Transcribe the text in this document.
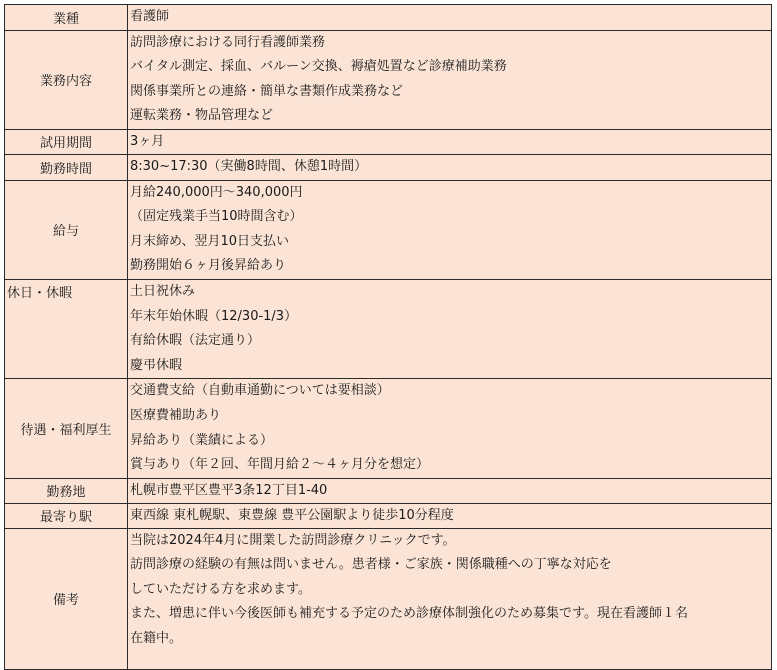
業種	看護師

業務内容	訪問診療における同行看護師業務
バイタル測定、採血、バルーン交換、褥瘡処置など診療補助業務
関係事業所との連絡・簡単な書類作成業務など
運転業務・物品管理など

試用期間	3ヶ月

勤務時間	8:30~17:30（実働8時間、休憩1時間）

給与	月給240,000円～340,000円
（固定残業手当10時間含む）
月末締め、翌月10日支払い
勤務開始６ヶ月後昇給あり

休日・休暇	土日祝休み
年末年始休暇（12/30-1/3）
有給休暇（法定通り）
慶弔休暇

待遇・福利厚生	交通費支給（自動車通勤については要相談）
医療費補助あり
昇給あり（業績による）
賞与あり（年２回、年間月給２～４ヶ月分を想定）

勤務地	札幌市豊平区豊平3条12丁目1-40

最寄り駅	東西線 東札幌駅、東豊線 豊平公園駅より徒歩10分程度

備考	当院は2024年4月に開業した訪問診療クリニックです。
訪問診療の経験の有無は問いません。患者様・ご家族・関係職種への丁寧な対応を
していただける方を求めます。
また、増患に伴い今後医師も補充する予定のため診療体制強化のため募集です。現在看護師１名
在籍中。
